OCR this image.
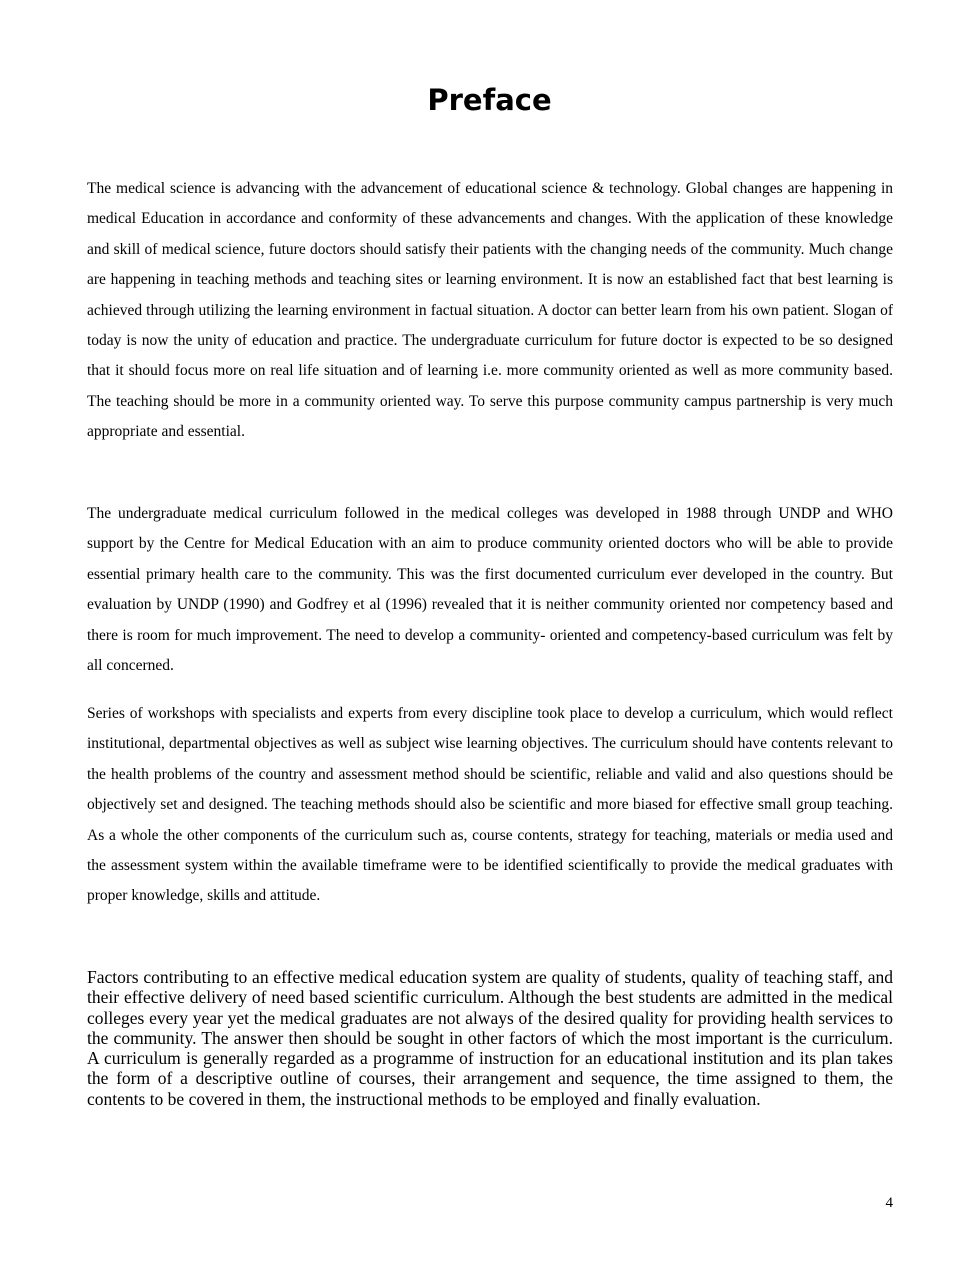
Preface

The medical science is advancing with the advancement of educational science & technology. Global changes are happening in medical Education in accordance and conformity of these advancements and changes. With the application of these knowledge and skill of medical science, future doctors should satisfy their patients with the changing needs of the community. Much change are happening in teaching methods and teaching sites or learning environment. It is now an established fact that best learning is achieved through utilizing the learning environment in factual situation. A doctor can better learn from his own patient. Slogan of today is now the unity of education and practice. The undergraduate curriculum for future doctor is expected to be so designed that it should focus more on real life situation and of learning i.e. more community oriented as well as more community based. The teaching should be more in a community oriented way. To serve this purpose community campus partnership is very much appropriate and essential.

The undergraduate medical curriculum followed in the medical colleges was developed in 1988 through UNDP and WHO support by the Centre for Medical Education with an aim to produce community oriented doctors who will be able to provide essential primary health care to the community. This was the first documented curriculum ever developed in the country. But evaluation by UNDP (1990) and Godfrey et al (1996) revealed that it is neither community oriented nor competency based and there is room for much improvement. The need to develop a community- oriented and competency-based curriculum was felt by all concerned.

Series of workshops with specialists and experts from every discipline took place to develop a curriculum, which would reflect institutional, departmental objectives as well as subject wise learning objectives. The curriculum should have contents relevant to the health problems of the country and assessment method should be scientific, reliable and valid and also questions should be objectively set and designed. The teaching methods should also be scientific and more biased for effective small group teaching. As a whole the other components of the curriculum such as, course contents, strategy for teaching, materials or media used and the assessment system within the available timeframe were to be identified scientifically to provide the medical graduates with proper knowledge, skills and attitude.

Factors contributing to an effective medical education system are quality of students, quality of teaching staff, and their effective delivery of need based scientific curriculum. Although the best students are admitted in the medical colleges every year yet the medical graduates are not always of the desired quality for providing health services to the community. The answer then should be sought in other factors of which the most important is the curriculum. A curriculum is generally regarded as a programme of instruction for an educational institution and its plan takes the form of a descriptive outline of courses, their arrangement and sequence, the time assigned to them, the contents to be covered in them, the instructional methods to be employed and finally evaluation.

4
